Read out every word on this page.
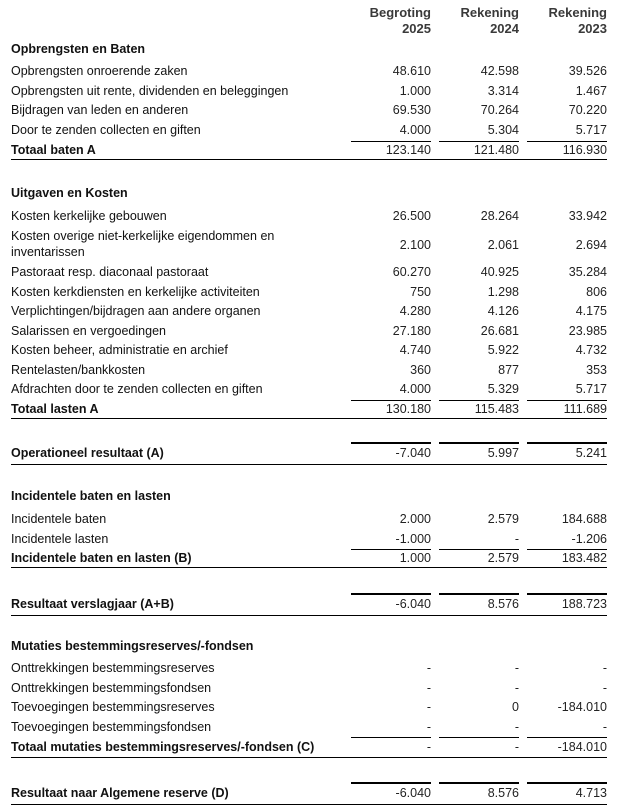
Begroting
2025
Rekening
2024
Rekening
2023
Opbrengsten en Baten
Opbrengsten onroerende zaken	48.610	42.598	39.526
Opbrengsten uit rente, dividenden en beleggingen	1.000	3.314	1.467
Bijdragen van leden en anderen	69.530	70.264	70.220
Door te zenden collecten en giften	4.000	5.304	5.717
Totaal baten A	123.140	121.480	116.930
Uitgaven en Kosten
Kosten kerkelijke gebouwen	26.500	28.264	33.942
Kosten overige niet-kerkelijke eigendommen en
inventarissen	2.100	2.061	2.694
Pastoraat resp. diaconaal pastoraat	60.270	40.925	35.284
Kosten kerkdiensten en kerkelijke activiteiten	750	1.298	806
Verplichtingen/bijdragen aan andere organen	4.280	4.126	4.175
Salarissen en vergoedingen	27.180	26.681	23.985
Kosten beheer, administratie en archief	4.740	5.922	4.732
Rentelasten/bankkosten	360	877	353
Afdrachten door te zenden collecten en giften	4.000	5.329	5.717
Totaal lasten A	130.180	115.483	111.689
Operationeel resultaat (A)	-7.040	5.997	5.241
Incidentele baten en lasten
Incidentele baten	2.000	2.579	184.688
Incidentele lasten	-1.000	-	-1.206
Incidentele baten en lasten (B)	1.000	2.579	183.482
Resultaat verslagjaar (A+B)	-6.040	8.576	188.723
Mutaties bestemmingsreserves/-fondsen
Onttrekkingen bestemmingsreserves	-	-	-
Onttrekkingen bestemmingsfondsen	-	-	-
Toevoegingen bestemmingsreserves	-	0	-184.010
Toevoegingen bestemmingsfondsen	-	-	-
Totaal mutaties bestemmingsreserves/-fondsen (C)	-	-	-184.010
Resultaat naar Algemene reserve (D)	-6.040	8.576	4.713
